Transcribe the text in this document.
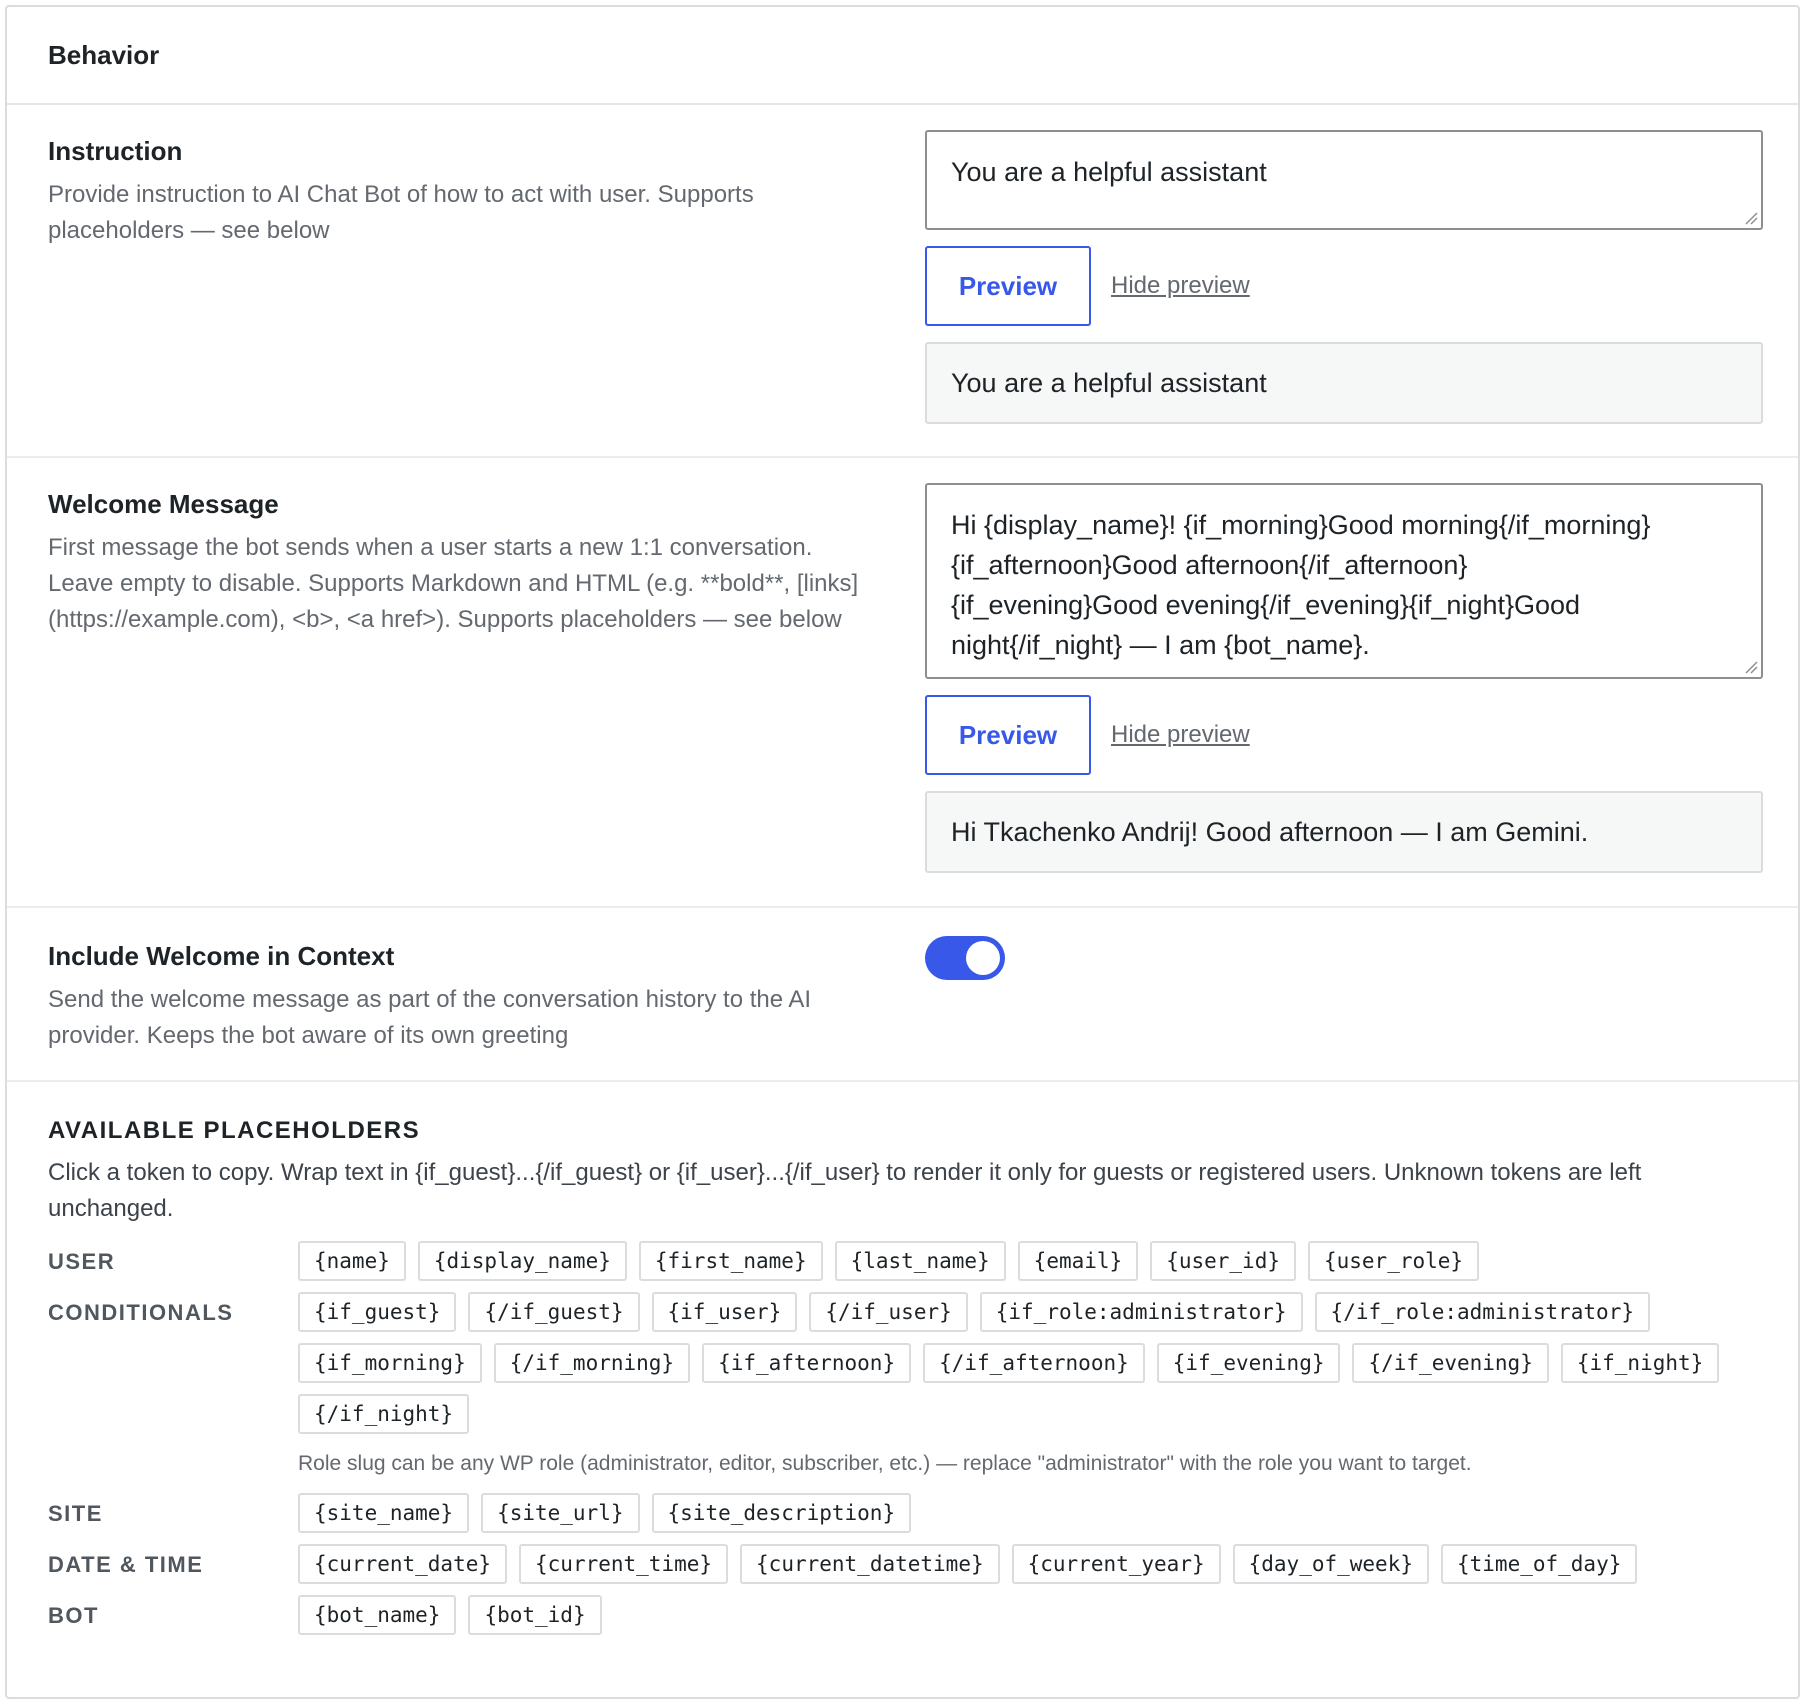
Behavior
Instruction
Provide instruction to AI Chat Bot of how to act with user. Supports placeholders — see below
You are a helpful assistant
Preview	Hide preview
You are a helpful assistant
Welcome Message
First message the bot sends when a user starts a new 1:1 conversation. Leave empty to disable. Supports Markdown and HTML (e.g. **bold**, [links](https://example.com), <b>, <a href>). Supports placeholders — see below
Hi {display_name}! {if_morning}Good morning{/if_morning}
{if_afternoon}Good afternoon{/if_afternoon}
{if_evening}Good evening{/if_evening}{if_night}Good
night{/if_night} — I am {bot_name}.
Preview	Hide preview
Hi Tkachenko Andrij! Good afternoon — I am Gemini.
Include Welcome in Context
Send the welcome message as part of the conversation history to the AI provider. Keeps the bot aware of its own greeting
AVAILABLE PLACEHOLDERS
Click a token to copy. Wrap text in {if_guest}...{/if_guest} or {if_user}...{/if_user} to render it only for guests or registered users. Unknown tokens are left unchanged.
USER	{name}	{display_name}	{first_name}	{last_name}	{email}	{user_id}	{user_role}
CONDITIONALS	{if_guest}	{/if_guest}	{if_user}	{/if_user}	{if_role:administrator}	{/if_role:administrator}
{if_morning}	{/if_morning}	{if_afternoon}	{/if_afternoon}	{if_evening}	{/if_evening}	{if_night}
{/if_night}
Role slug can be any WP role (administrator, editor, subscriber, etc.) — replace "administrator" with the role you want to target.
SITE	{site_name}	{site_url}	{site_description}
DATE & TIME	{current_date}	{current_time}	{current_datetime}	{current_year}	{day_of_week}	{time_of_day}
BOT	{bot_name}	{bot_id}
